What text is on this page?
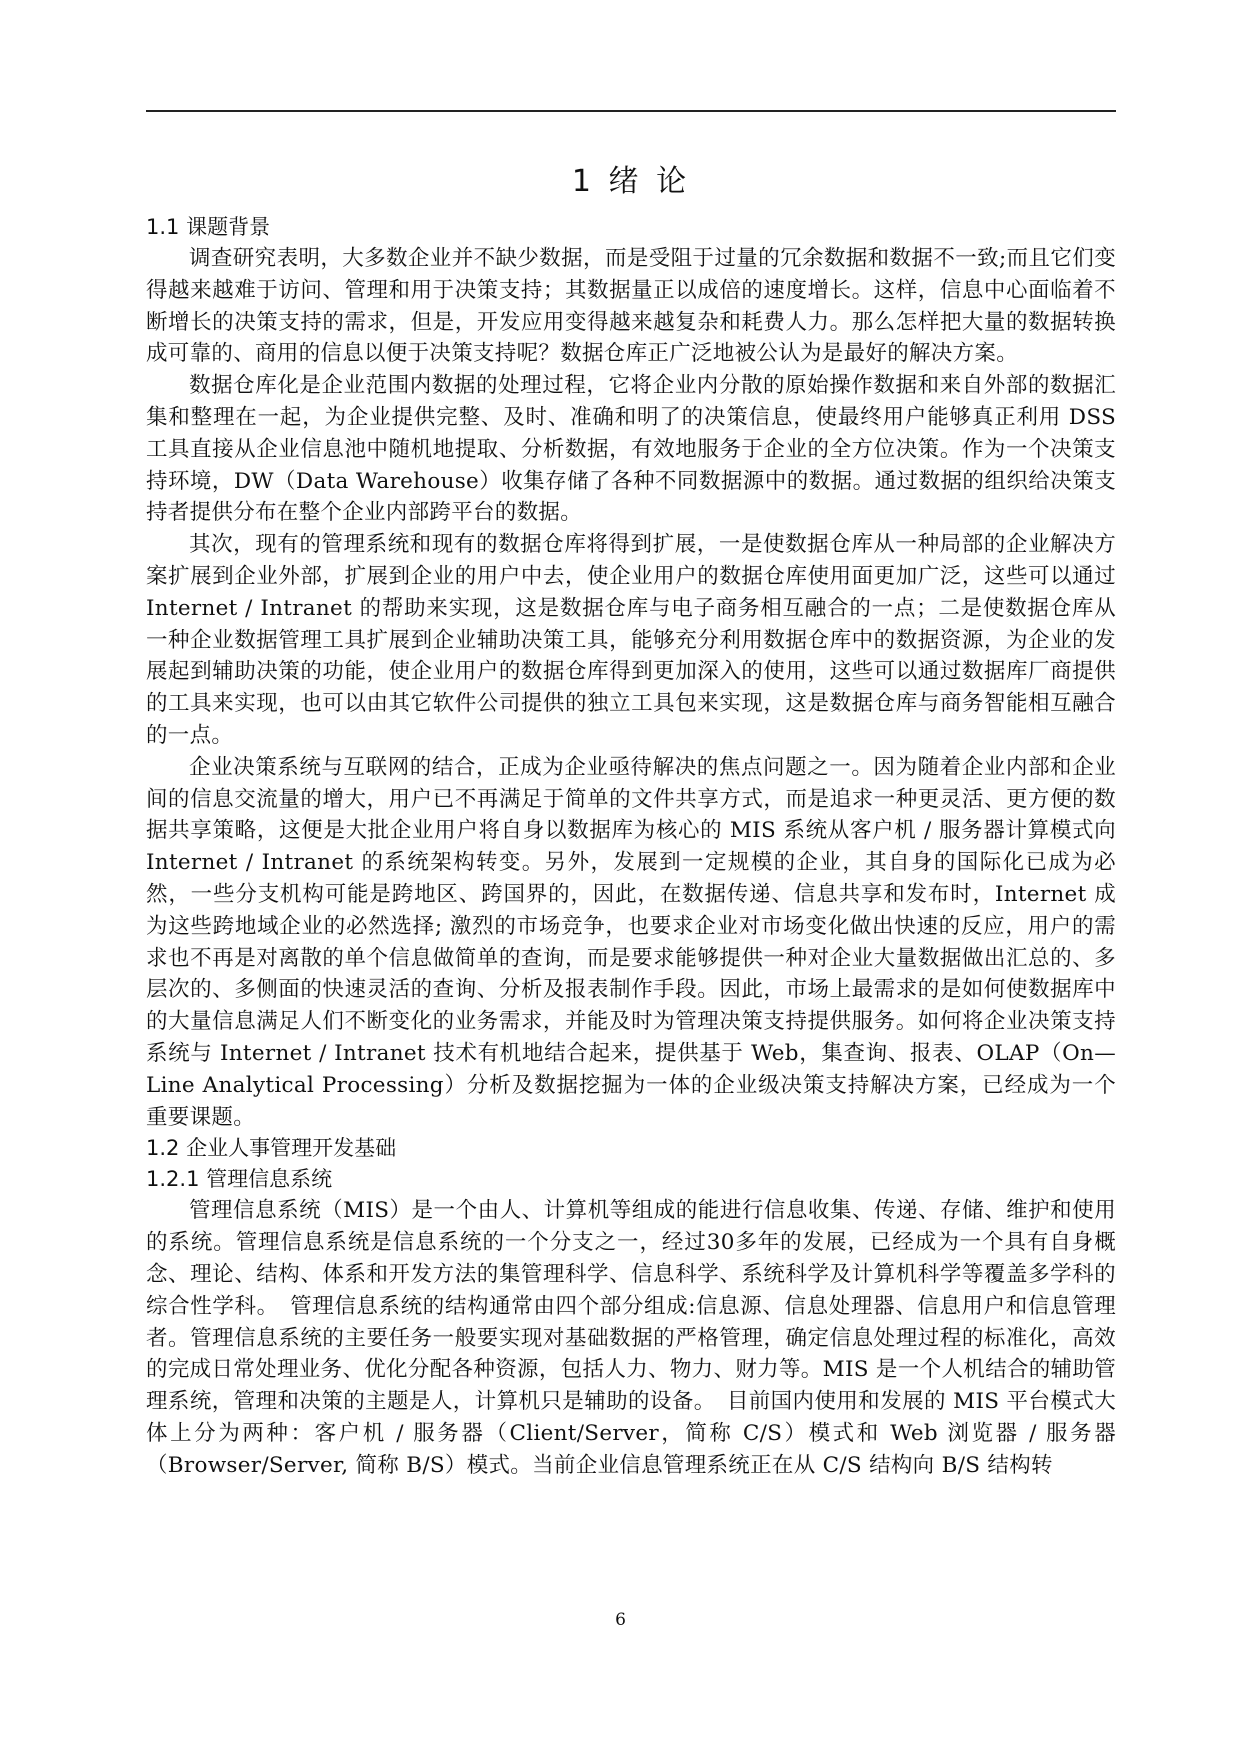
1 绪 论
1.1 课题背景

调查研究表明，大多数企业并不缺少数据，而是受阻于过量的冗余数据和数据不一致;而且它们变得越来越难于访问、管理和用于决策支持；其数据量正以成倍的速度增长。这样，信息中心面临着不断增长的决策支持的需求，但是，开发应用变得越来越复杂和耗费人力。那么怎样把大量的数据转换成可靠的、商用的信息以便于决策支持呢？数据仓库正广泛地被公认为是最好的解决方案。

数据仓库化是企业范围内数据的处理过程，它将企业内分散的原始操作数据和来自外部的数据汇集和整理在一起，为企业提供完整、及时、准确和明了的决策信息，使最终用户能够真正利用 DSS 工具直接从企业信息池中随机地提取、分析数据，有效地服务于企业的全方位决策。作为一个决策支持环境，DW（Data Warehouse）收集存储了各种不同数据源中的数据。通过数据的组织给决策支持者提供分布在整个企业内部跨平台的数据。

其次，现有的管理系统和现有的数据仓库将得到扩展，一是使数据仓库从一种局部的企业解决方案扩展到企业外部，扩展到企业的用户中去，使企业用户的数据仓库使用面更加广泛，这些可以通过 Internet / Intranet 的帮助来实现，这是数据仓库与电子商务相互融合的一点；二是使数据仓库从一种企业数据管理工具扩展到企业辅助决策工具，能够充分利用数据仓库中的数据资源，为企业的发展起到辅助决策的功能，使企业用户的数据仓库得到更加深入的使用，这些可以通过数据库厂商提供的工具来实现，也可以由其它软件公司提供的独立工具包来实现，这是数据仓库与商务智能相互融合的一点。

企业决策系统与互联网的结合，正成为企业亟待解决的焦点问题之一。因为随着企业内部和企业间的信息交流量的增大，用户已不再满足于简单的文件共享方式，而是追求一种更灵活、更方便的数据共享策略，这便是大批企业用户将自身以数据库为核心的 MIS 系统从客户机 / 服务器计算模式向 Internet / Intranet 的系统架构转变。另外，发展到一定规模的企业，其自身的国际化已成为必然，一些分支机构可能是跨地区、跨国界的，因此，在数据传递、信息共享和发布时，Internet 成为这些跨地域企业的必然选择; 激烈的市场竞争，也要求企业对市场变化做出快速的反应，用户的需求也不再是对离散的单个信息做简单的查询，而是要求能够提供一种对企业大量数据做出汇总的、多层次的、多侧面的快速灵活的查询、分析及报表制作手段。因此，市场上最需求的是如何使数据库中的大量信息满足人们不断变化的业务需求，并能及时为管理决策支持提供服务。如何将企业决策支持系统与 Internet / Intranet 技术有机地结合起来，提供基于 Web，集查询、报表、OLAP（On—Line Analytical Processing）分析及数据挖掘为一体的企业级决策支持解决方案，已经成为一个重要课题。

1.2 企业人事管理开发基础
1.2.1 管理信息系统

管理信息系统（MIS）是一个由人、计算机等组成的能进行信息收集、传递、存储、维护和使用的系统。管理信息系统是信息系统的一个分支之一，经过30多年的发展，已经成为一个具有自身概念、理论、结构、体系和开发方法的集管理科学、信息科学、系统科学及计算机科学等覆盖多学科的综合性学科。　管理信息系统的结构通常由四个部分组成:信息源、信息处理器、信息用户和信息管理者。管理信息系统的主要任务一般要实现对基础数据的严格管理，确定信息处理过程的标准化，高效的完成日常处理业务、优化分配各种资源，包括人力、物力、财力等。MIS 是一个人机结合的辅助管理系统，管理和决策的主题是人，计算机只是辅助的设备。　目前国内使用和发展的 MIS 平台模式大体上分为两种：客户机 / 服务器（Client/Server，简称 C/S）模式和 Web 浏览器 / 服务器（Browser/Server, 简称 B/S）模式。当前企业信息管理系统正在从 C/S 结构向 B/S 结构转

6
